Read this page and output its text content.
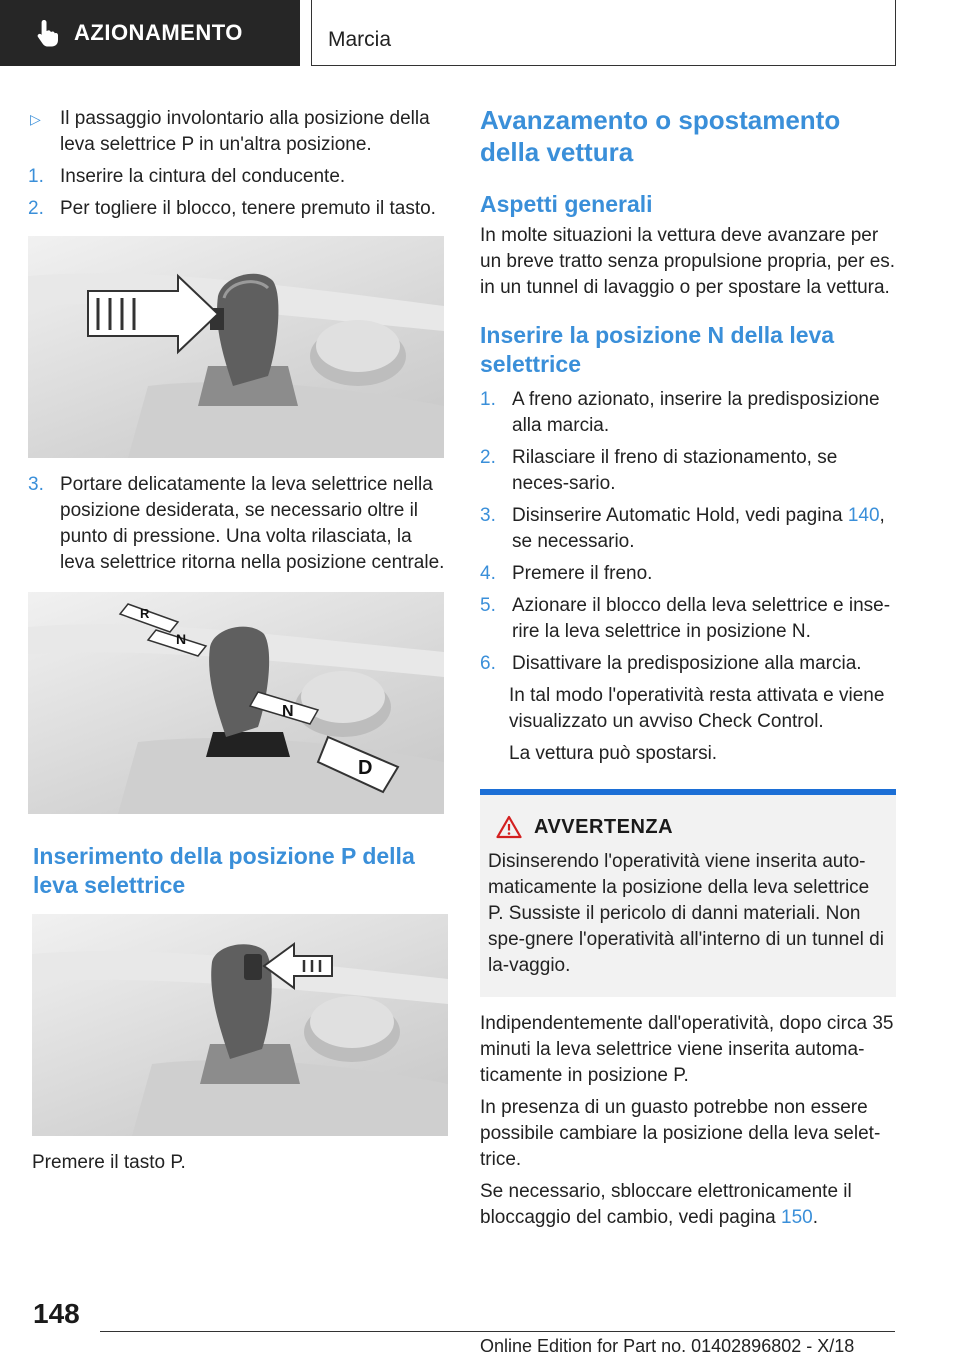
AZIONAMENTO	Marcia
▷	Il passaggio involontario alla posizione della leva selettrice P in un'altra posizione.
1. Inserire la cintura del conducente.
2. Per togliere il blocco, tenere premuto il tasto.
3. Portare delicatamente la leva selettrice nella posizione desiderata, se necessario oltre il punto di pressione. Una volta rilasciata, la leva selettrice ritorna nella posizione centrale.
R
N
N
D
Inserimento della posizione P della leva selettrice

Premere il tasto P.

Avanzamento o spostamento della vettura
Aspetti generali

In molte situazioni la vettura deve avanzare per un breve tratto senza propulsione propria, per es. in un tunnel di lavaggio o per spostare la vettura.

Inserire la posizione N della leva selettrice
1. A freno azionato, inserire la predisposizione alla marcia.
2. Rilasciare il freno di stazionamento, se neces-sario.
3. Disinserire Automatic Hold, vedi pagina 140, se necessario.
4. Premere il freno.
5. Azionare il blocco della leva selettrice e inse-rire la leva selettrice in posizione N.
6. Disattivare la predisposizione alla marcia.

In tal modo l'operatività resta attivata e viene visualizzato un avviso Check Control.

La vettura può spostarsi.

AVVERTENZA

Disinserendo l'operatività viene inserita auto-maticamente la posizione della leva selettrice P. Sussiste il pericolo di danni materiali. Non spe-gnere l'operatività all'interno di un tunnel di la-vaggio.

Indipendentemente dall'operatività, dopo circa 35 minuti la leva selettrice viene inserita automa-ticamente in posizione P.

In presenza di un guasto potrebbe non essere possibile cambiare la posizione della leva selet-trice.

Se necessario, sbloccare elettronicamente il bloccaggio del cambio, vedi pagina 150.

148
Online Edition for Part no. 01402896802 - X/18
